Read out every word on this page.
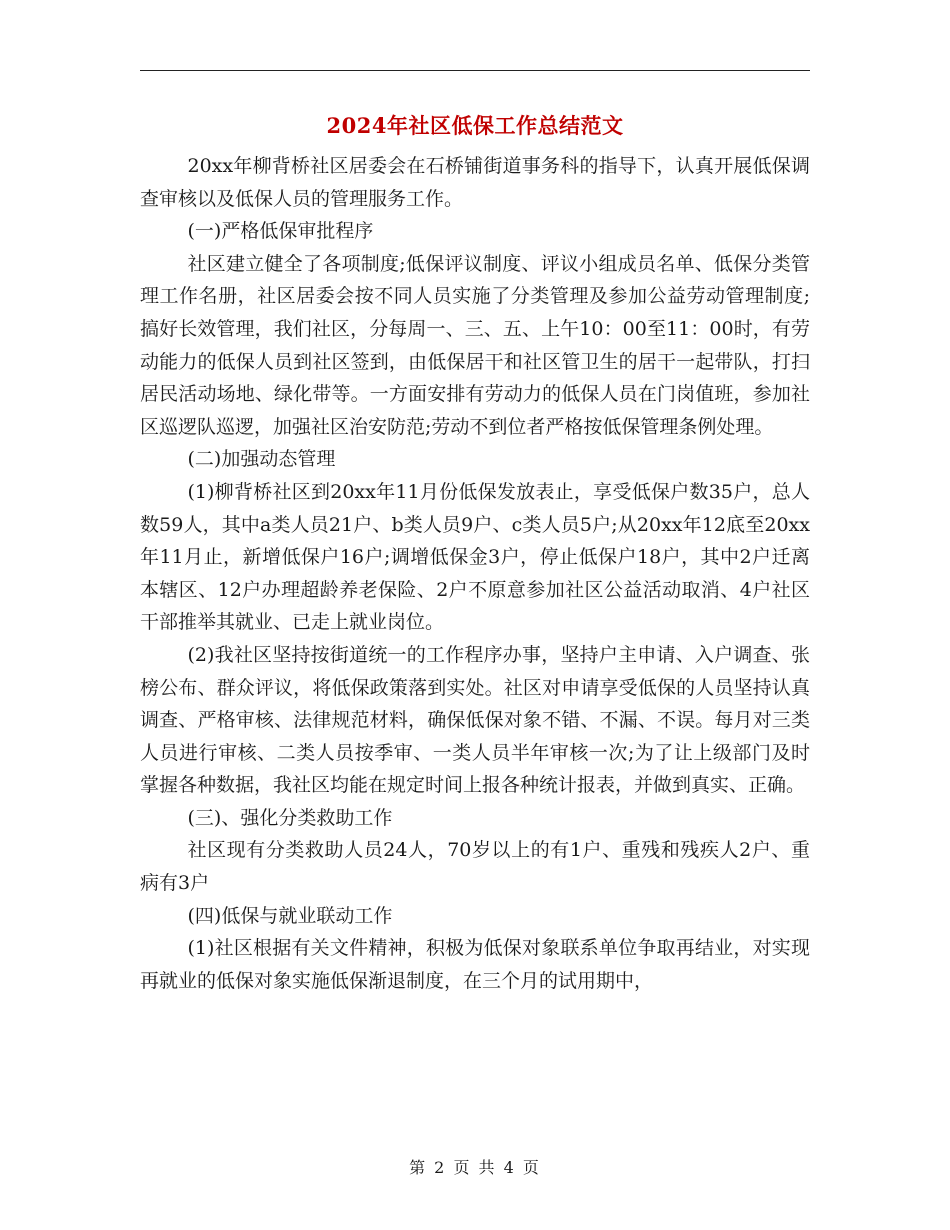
2024年社区低保工作总结范文

20xx年柳背桥社区居委会在石桥铺街道事务科的指导下，认真开展低保调查审核以及低保人员的管理服务工作。

(一)严格低保审批程序

社区建立健全了各项制度;低保评议制度、评议小组成员名单、低保分类管理工作名册，社区居委会按不同人员实施了分类管理及参加公益劳动管理制度;搞好长效管理，我们社区，分每周一、三、五、上午10：00至11：00时，有劳动能力的低保人员到社区签到，由低保居干和社区管卫生的居干一起带队，打扫居民活动场地、绿化带等。一方面安排有劳动力的低保人员在门岗值班，参加社区巡逻队巡逻，加强社区治安防范;劳动不到位者严格按低保管理条例处理。

(二)加强动态管理

(1)柳背桥社区到20xx年11月份低保发放表止，享受低保户数35户，总人数59人，其中a类人员21户、b类人员9户、c类人员5户;从20xx年12底至20xx年11月止，新增低保户16户;调增低保金3户，停止低保户18户，其中2户迁离本辖区、12户办理超龄养老保险、2户不原意参加社区公益活动取消、4户社区干部推举其就业、已走上就业岗位。

(2)我社区坚持按街道统一的工作程序办事，坚持户主申请、入户调查、张榜公布、群众评议，将低保政策落到实处。社区对申请享受低保的人员坚持认真调查、严格审核、法律规范材料，确保低保对象不错、不漏、不误。每月对三类人员进行审核、二类人员按季审、一类人员半年审核一次;为了让上级部门及时掌握各种数据，我社区均能在规定时间上报各种统计报表，并做到真实、正确。

(三)、强化分类救助工作

社区现有分类救助人员24人，70岁以上的有1户、重残和残疾人2户、重病有3户

(四)低保与就业联动工作

(1)社区根据有关文件精神，积极为低保对象联系单位争取再结业，对实现再就业的低保对象实施低保渐退制度，在三个月的试用期中，

第 2 页 共 4 页
